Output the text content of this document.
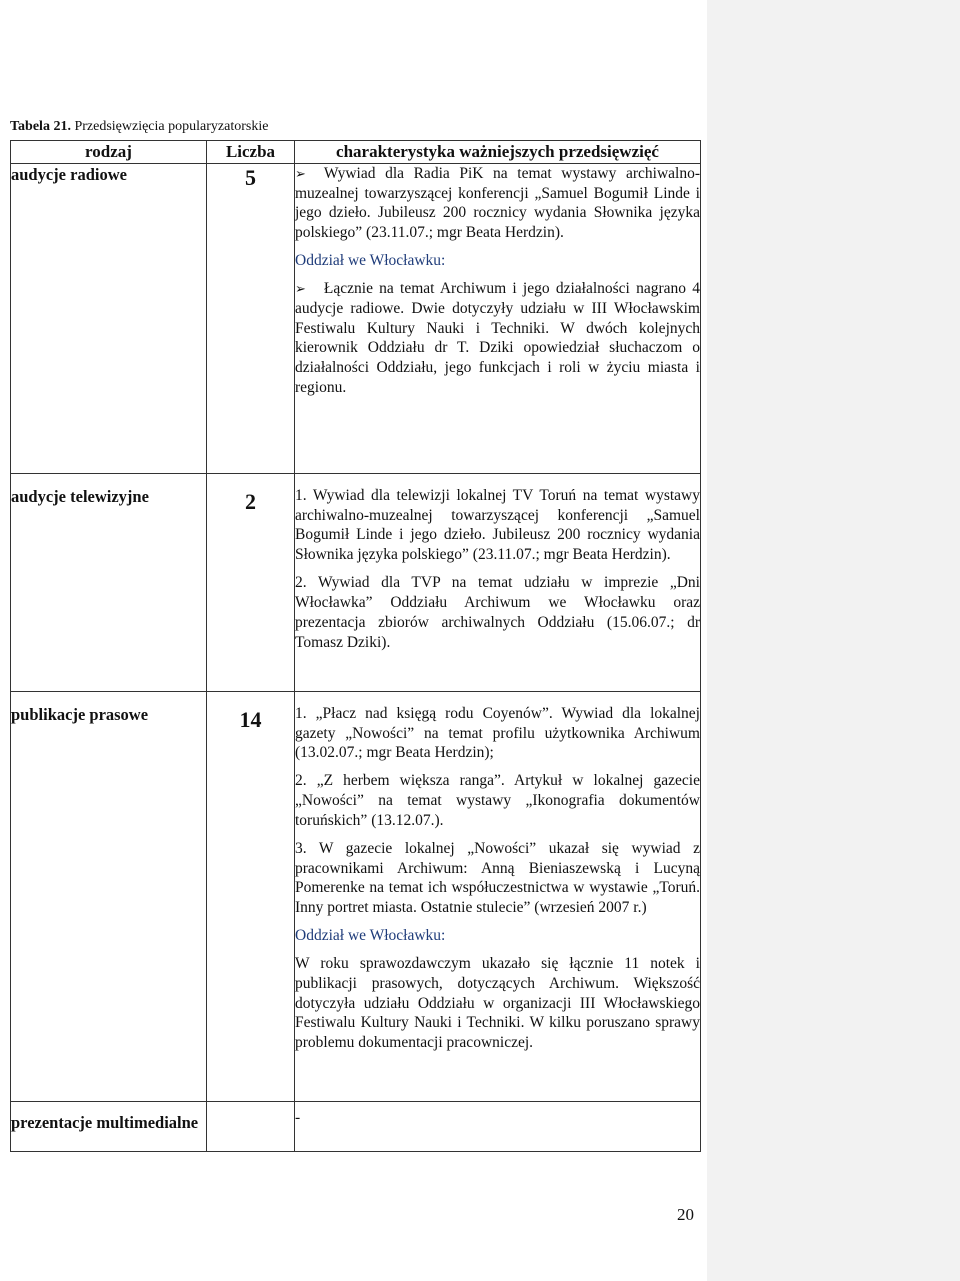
Tabela 21. Przedsięwzięcia popularyzatorskie
rodzaj	Liczba	charakterystyka ważniejszych przedsięwzięć
audycje radiowe	5	➢ Wywiad dla Radia PiK na temat wystawy archiwalno-muzealnej towarzyszącej konferencji „Samuel Bogumił Linde i jego dzieło. Jubileusz 200 rocznicy wydania Słownika języka polskiego” (23.11.07.; mgr Beata Herdzin).

Oddział we Włocławku:

➢ Łącznie na temat Archiwum i jego działalności nagrano 4 audycje radiowe. Dwie dotyczyły udziału w III Włocławskim Festiwalu Kultury Nauki i Techniki. W dwóch kolejnych kierownik Oddziału dr T. Dziki opowiedział słuchaczom o działalności Oddziału, jego funkcjach i roli w życiu miasta i regionu.

audycje telewizyjne	2	1. Wywiad dla telewizji lokalnej TV Toruń na temat wystawy archiwalno-muzealnej towarzyszącej konferencji „Samuel Bogumił Linde i jego dzieło. Jubileusz 200 rocznicy wydania Słownika języka polskiego” (23.11.07.; mgr Beata Herdzin).

2. Wywiad dla TVP na temat udziału w imprezie „Dni Włocławka” Oddziału Archiwum we Włocławku oraz prezentacja zbiorów archiwalnych Oddziału (15.06.07.; dr Tomasz Dziki).

publikacje prasowe	14	1. „Płacz nad księgą rodu Coyenów”. Wywiad dla lokalnej gazety „Nowości” na temat profilu użytkownika Archiwum (13.02.07.; mgr Beata Herdzin);

2. „Z herbem większa ranga”. Artykuł w lokalnej gazecie „Nowości” na temat wystawy „Ikonografia dokumentów toruńskich” (13.12.07.).

3. W gazecie lokalnej „Nowości” ukazał się wywiad z pracownikami Archiwum: Anną Bieniaszewską i Lucyną Pomerenke na temat ich współuczestnictwa w wystawie „Toruń. Inny portret miasta. Ostatnie stulecie” (wrzesień 2007 r.)

Oddział we Włocławku:

W roku sprawozdawczym ukazało się łącznie 11 notek i publikacji prasowych, dotyczących Archiwum. Większość dotyczyła udziału Oddziału w organizacji III Włocławskiego Festiwalu Kultury Nauki i Techniki. W kilku poruszano sprawy problemu dokumentacji pracowniczej.

prezentacje multimedialne		-

20
